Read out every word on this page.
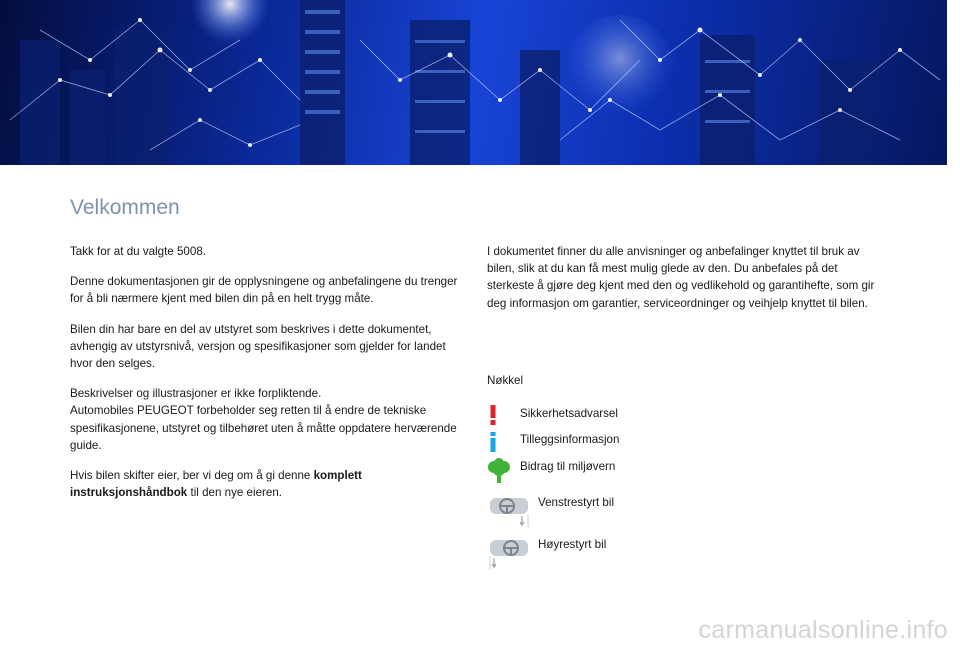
Velkommen

Takk for at du valgte 5008.

Denne dokumentasjonen gir de opplysningene og anbefalingene du trenger for å bli nærmere kjent med bilen din på en helt trygg måte.

Bilen din har bare en del av utstyret som beskrives i dette dokumentet, avhengig av utstyrsnivå, versjon og spesifikasjoner som gjelder for landet hvor den selges.

Beskrivelser og illustrasjoner er ikke forpliktende.
Automobiles PEUGEOT forbeholder seg retten til å endre de tekniske spesifikasjonene, utstyret og tilbehøret uten å måtte oppdatere herværende guide.

Hvis bilen skifter eier, ber vi deg om å gi denne komplett instruksjonshåndbok til den nye eieren.

I dokumentet finner du alle anvisninger og anbefalinger knyttet til bruk av bilen, slik at du kan få mest mulig glede av den. Du anbefales på det sterkeste å gjøre deg kjent med den og vedlikehold og garantihefte, som gir deg informasjon om garantier, serviceordninger og veihjelp knyttet til bilen.

Nøkkel
Sikkerhetsadvarsel
Tilleggsinformasjon
Bidrag til miljøvern
Venstrestyrt bil
Høyrestyrt bil
carmanualsonline.info
